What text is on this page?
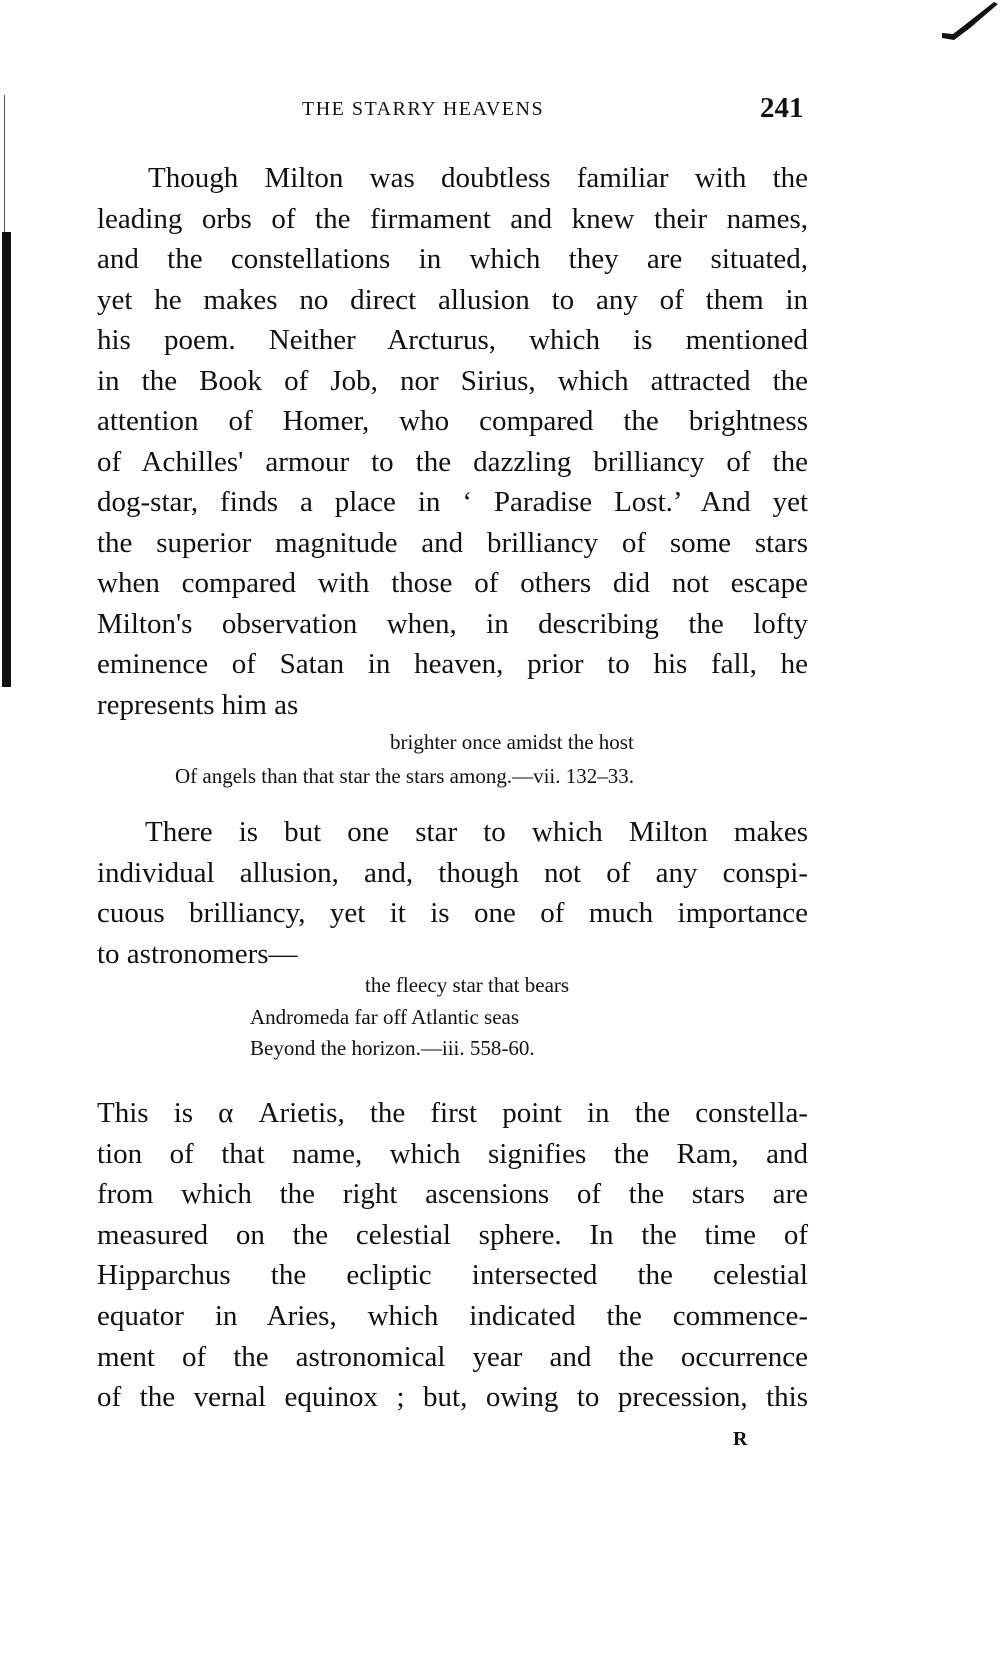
THE STARRY HEAVENS	241
Though Milton was doubtless familiar with the
leading orbs of the firmament and knew their names,
and the constellations in which they are situated,
yet he makes no direct allusion to any of them in
his poem. Neither Arcturus, which is mentioned
in the Book of Job, nor Sirius, which attracted the
attention of Homer, who compared the brightness
of Achilles' armour to the dazzling brilliancy of the
dog-star, finds a place in ‘ Paradise Lost.’ And yet
the superior magnitude and brilliancy of some stars
when compared with those of others did not escape
Milton's observation when, in describing the lofty
eminence of Satan in heaven, prior to his fall, he
represents him as
There is but one star to which Milton makes
individual allusion, and, though not of any conspi-
cuous brilliancy, yet it is one of much importance
to astronomers—
This is α Arietis, the first point in the constella-
tion of that name, which signifies the Ram, and
from which the right ascensions of the stars are
measured on the celestial sphere. In the time of
Hipparchus the ecliptic intersected the celestial
equator in Aries, which indicated the commence-
ment of the astronomical year and the occurrence
of the vernal equinox ; but, owing to precession, this
brighter once amidst the host
Of angels than that star the stars among.—vii. 132–33.
the fleecy star that bears
Andromeda far off Atlantic seas
Beyond the horizon.—iii. 558-60.
R
